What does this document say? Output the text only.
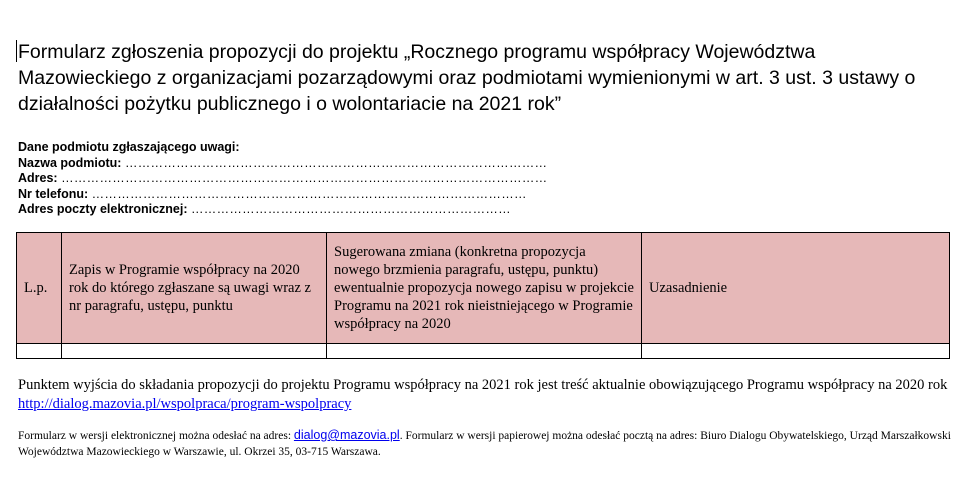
Formularz zgłoszenia propozycji do projektu „Rocznego programu współpracy Województwa Mazowieckiego z organizacjami pozarządowymi oraz podmiotami wymienionymi w art. 3 ust. 3 ustawy o działalności pożytku publicznego i o wolontariacie na 2021 rok”
Dane podmiotu zgłaszającego uwagi:
Nazwa podmiotu: ………………………………………………………………………………………
Adres: ……………………………………………………………………………………………………
Nr telefonu: …………………………………………………………………………………………
Adres poczty elektronicznej: …………………………………………………………………
L.p.	Zapis w Programie współpracy na 2020 rok do którego zgłaszane są uwagi wraz z nr paragrafu, ustępu, punktu	Sugerowana zmiana (konkretna propozycja nowego brzmienia paragrafu, ustępu, punktu) ewentualnie propozycja nowego zapisu w projekcie Programu na 2021 rok nieistniejącego w Programie współpracy na 2020	Uzasadnienie

Punktem wyjścia do składania propozycji do projektu Programu współpracy na 2021 rok jest treść aktualnie obowiązującego Programu współpracy na 2020 rok http://dialog.mazovia.pl/wspolpraca/program-wspolpracy

Formularz w wersji elektronicznej można odesłać na adres: dialog@mazovia.pl. Formularz w wersji papierowej można odesłać pocztą na adres: Biuro Dialogu Obywatelskiego, Urząd Marszałkowski Województwa Mazowieckiego w Warszawie, ul. Okrzei 35, 03-715 Warszawa.
